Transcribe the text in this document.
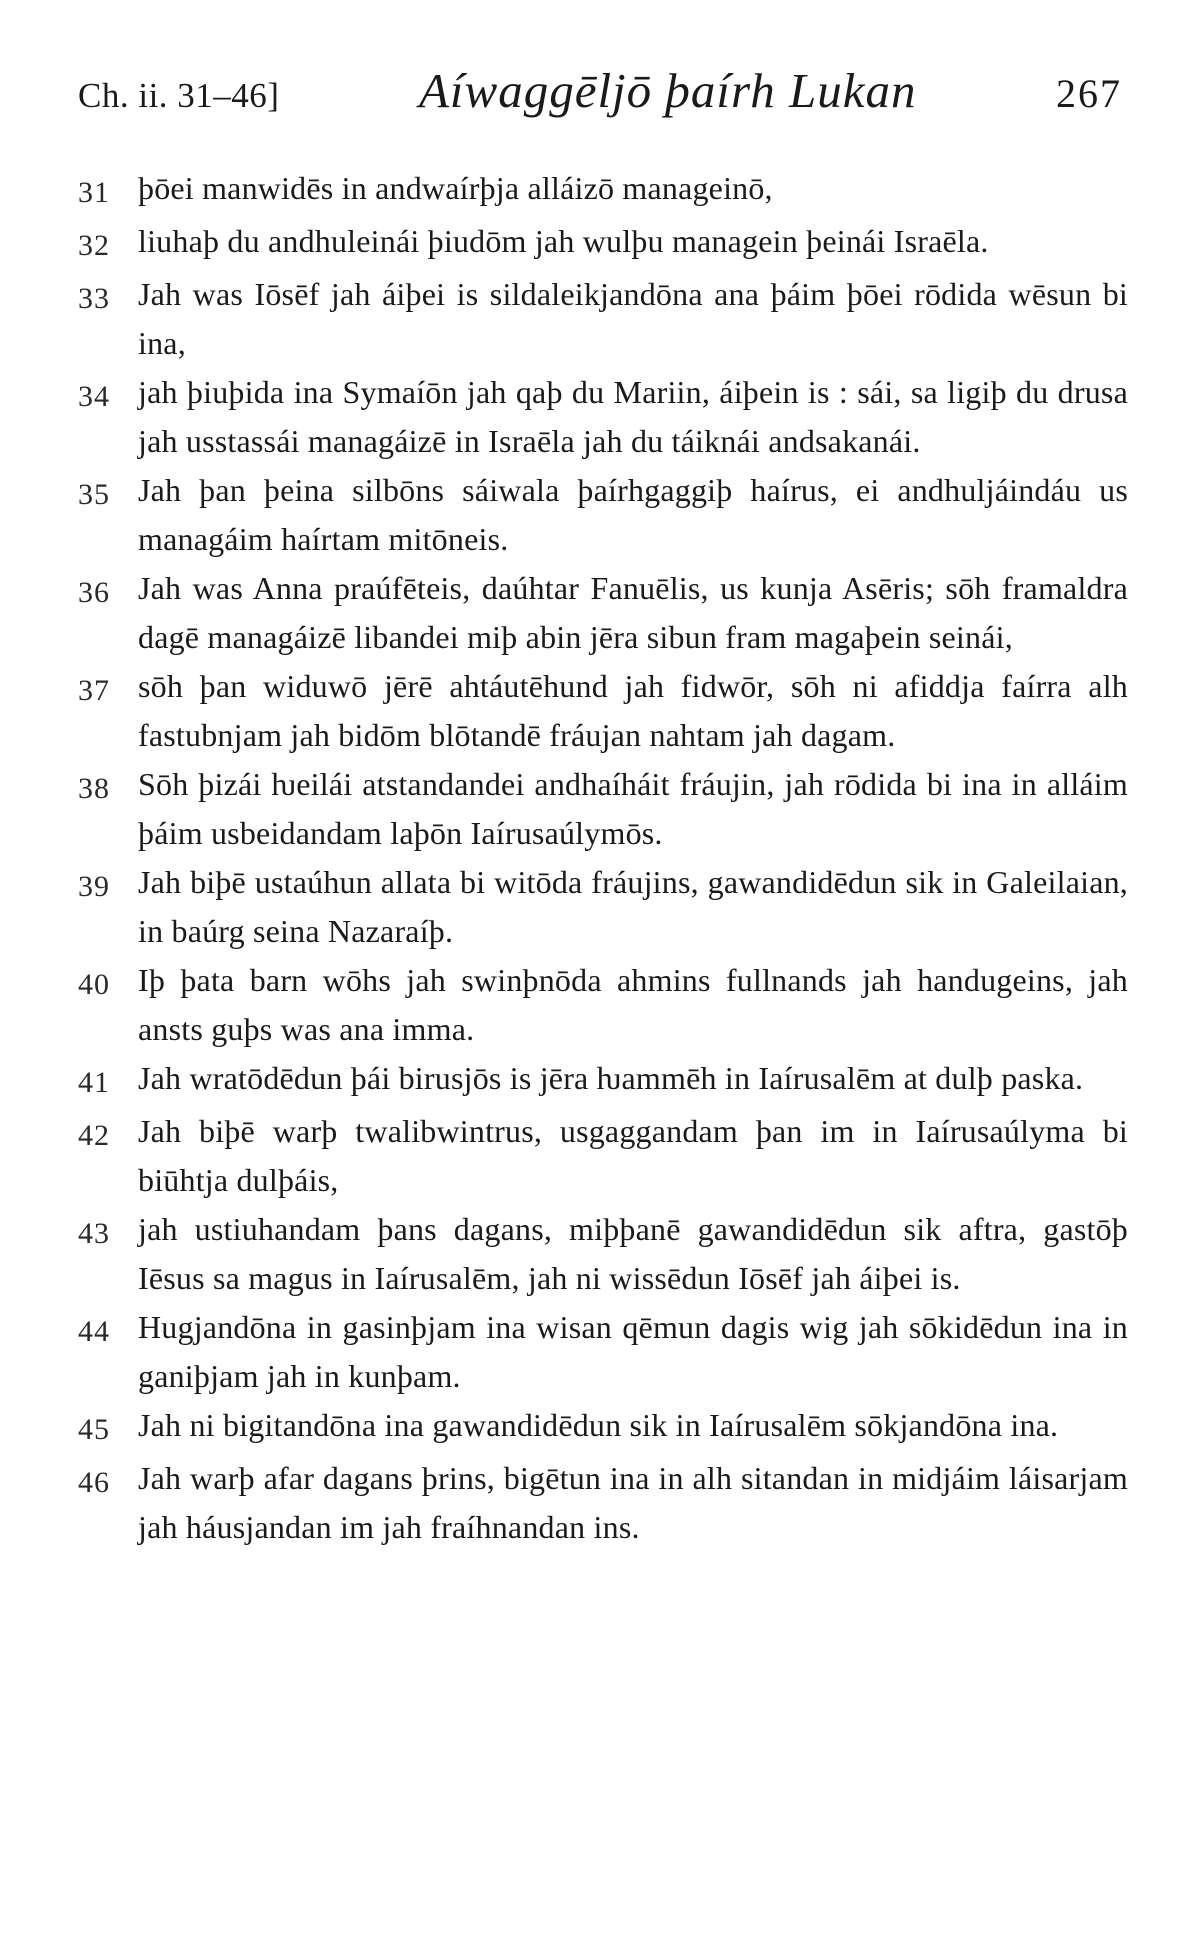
Ch. ii. 31–46]	Aíwaggēljō þaírh Lukan	267
31 þōei manwidēs in andwaírþja alláizō manageinō,
32 liuhaþ du andhuleinái þiudōm jah wulþu managein þeinái Israēla.
33 Jah was Iōsēf jah áiþei is sildaleikjandōna ana þáim þōei rōdida wēsun bi ina,
34 jah þiuþida ina Symaíōn jah qaþ du Mariin, áiþein is : sái, sa ligiþ du drusa jah usstassái managáizē in Israēla jah du táiknái andsakanái.
35 Jah þan þeina silbōns sáiwala þaírhgaggiþ haírus, ei andhuljáindáu us managáim haírtam mitōneis.
36 Jah was Anna praúfēteis, daúhtar Fanuēlis, us kunja Asēris; sōh framaldra dagē managáizē libandei miþ abin jēra sibun fram magaþein seinái,
37 sōh þan widuwō jērē ahtáutēhund jah fidwōr, sōh ni afiddja faírra alh fastubnjam jah bidōm blōtandē fráujan nahtam jah dagam.
38 Sōh þizái ƕeilái atstandandei andhaíháit fráujin, jah rōdida bi ina in alláim þáim usbeidandam laþōn Iaírusaúlymōs.
39 Jah biþē ustaúhun allata bi witōda fráujins, gawandidēdun sik in Galeilaian, in baúrg seina Nazaraíþ.
40 Iþ þata barn wōhs jah swinþnōda ahmins fullnands jah handugeins, jah ansts guþs was ana imma.
41 Jah wratōdēdun þái birusjōs is jēra ƕammēh in Iaírusalēm at dulþ paska.
42 Jah biþē warþ twalibwintrus, usgaggandam þan im in Iaírusaúlyma bi biūhtja dulþáis,
43 jah ustiuhandam þans dagans, miþþanē gawandidēdun sik aftra, gastōþ Iēsus sa magus in Iaírusalēm, jah ni wissēdun Iōsēf jah áiþei is.
44 Hugjandōna in gasinþjam ina wisan qēmun dagis wig jah sōkidēdun ina in ganiþjam jah in kunþam.
45 Jah ni bigitandōna ina gawandidēdun sik in Iaírusalēm sōkjandōna ina.
46 Jah warþ afar dagans þrins, bigētun ina in alh sitandan in midjáim láisarjam jah háusjandan im jah fraíhnandan ins.
